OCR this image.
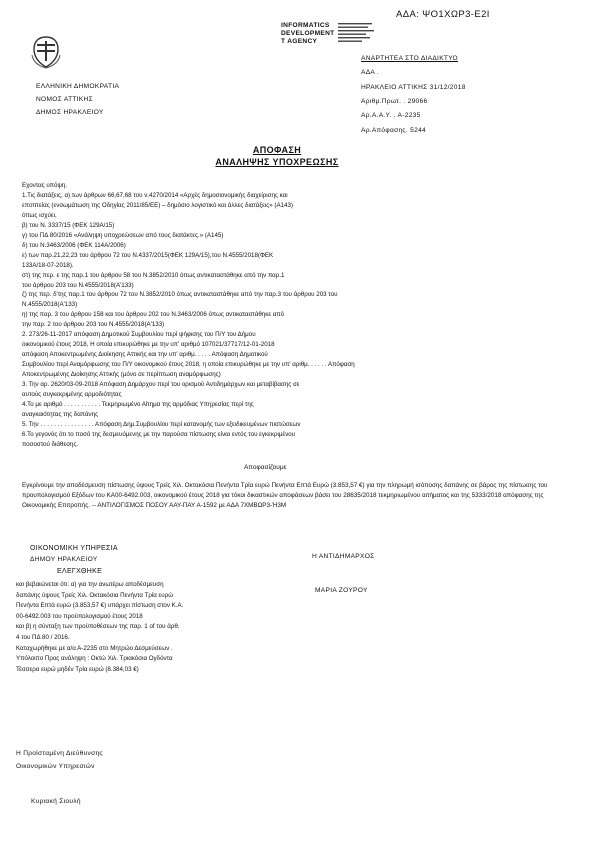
ΑΔΑ: ΨΟ1ΧΩΡ3-Ε2Ι
INFORMATICS
DEVELOPMENT
T AGENCY
ΕΛΛΗΝΙΚΗ ΔΗΜΟΚΡΑΤΙΑ
ΝΟΜΟΣ ΑΤΤΙΚΗΣ
ΔΗΜΟΣ ΗΡΑΚΛΕΙΟΥ
ΑΝΑΡΤΗΤΕΑ ΣΤΟ ΔΙΑΔΙΚΤΥΟ
ΑΔΑ .
ΗΡΑΚΛΕΙΟ ΑΤΤΙΚΗΣ 31/12/2018
Αριθμ.Πρωτ. . 29066
Αρ.Α.Α.Υ. . Α-2235
Αρ.Απόφασης. 5244
ΑΠΟΦΑΣΗ
ΑΝΑΛΗΨΗΣ ΥΠΟΧΡΕΩΣΗΣ
Εχοντας υπόψη.
1.Τις διατάξεις, α) των άρθρων 66,67,68 του ν.4270/2014 «Αρχές δημοσιονομικής διαχείρισης και
εποπτείας (ενσωμάτωση της Οδηγίας 2011/85/ΕΕ) – δημόσιο λογιστικό και άλλες διατάξεις» (Α143)
όπως ισχύει,
β) του Ν. 3337/15 (ΦΕΚ 129Α/15)
γ) του ΠΔ 80/2016 «Ανάληψη υποχρεώσεων από τους διατάκτες.» (Α145)
δ) του Ν.3463/2006 (ΦΕΚ 114Α/2006)
ε) των παρ.21,22,23 του άρθρου 72 του Ν.4337/2015(ΦΕΚ 129Α/15),του Ν.4555/2018(ΦΕΚ
133Α/18-07-2018).
στ) της περ. ε της παρ.1 του άρθρου 58 του Ν.3852/2010 όπως αντικαταστάθηκε από την παρ.1
του άρθρου 203 του Ν.4555/2018(Α'133)
ζ) της περ. δ'της παρ.1 του άρθρου 72 του Ν.3852/2010 όπως αντικαταστάθηκε από την παρ.3 του άρθρου 203 του
Ν.4555/2018(Α'133)
η) της παρ. 3 του άρθρου 158 και του άρθρου 202 του Ν.3463/2006 όπως αντικαταστάθηκε από
την παρ. 2 του άρθρου 203 του Ν.4555/2018(Α'133)
2. 273/26-11-2017 απόφαση Δημοτικού Συμβουλίου περί ψήφισης του Π/Υ του Δήμου
οικονομικού έτους 2018, Η οποία επικυρώθηκε με την υπ' αριθμό 107021/37717/12-01-2018
απόφαση Αποκεντρωμένης Διοίκησης Αττικής και την υπ' αριθμ. . . . . Απόφαση Δημοτικού
Συμβουλίου περί Αναμόρφωσης του Π/Υ οικονομικού έτους 2018, η οποία επικυρώθηκε με την υπ' αριθμ. . . . . . Απόφαση
Αποκεντρωμένης Διοίκησης Αττικής (μόνο σε περίπτωση αναμόρφωσης)
3. Την αρ. 2620/03-09-2018 Απόφαση Δημάρχου περί του ορισμού Αντιδημάρχων και μεταβίβασης σε
αυτούς συγκεκριμένης αρμοδιότητας
4.Το με αριθμό . . . . . . . . . . . Τεκμηριωμένο Αίτημα της αρμόδιας Υπηρεσίας περί της
αναγκαιότητας της δαπάνης
5. Την . . . . . . . . . . . . . . . . Απόφαση Δημ.Συμβουλίου περί κατανομής των εξειδικευμένων πιστώσεων
6.Το γεγονός ότι το ποσό της δεσμευόμενης με την παρούσα πίστωσης είναι εντός του εγκεκριμένου
ποσοστού διάθεσης.
Αποφασίζουμε
Εγκρίνουμε την αποδέσμευση πίστωσης ύψους Τρείς Χιλ. Οκτακόσια Πενήντα Τρία ευρώ Πενήντα Επτά Ευρώ (3.853,57 €) για την πληρωμή ισόποσης δαπάνης σε βάρος της πίστωσης του προυπολογισμού Εξόδων του ΚΑ00-6492.003, οικονομικού έτους 2018 για τόκοι δικαστικών αποφάσεων βάσει του 28635/2018 τεκμηριωμένου αιτήματος και της 5333/2018 απόφασης της Οικονομικής Επιτροπής. -- ΑΝΤΙΛΟΓΙΣΜΟΣ ΠΟΣΟΥ ΑΑΥ-ΠΑΥ Α-1592 με ΑΔΑ 7ΧΜΒΩΡ3-Ή3Μ
ΟΙΚΟΝΟΜΙΚΗ ΥΠΗΡΕΣΙΑ
ΔΗΜΟΥ ΗΡΑΚΛΕΙΟΥ
ΕΛΕΓΧΘΗΚΕ
και βεβαιώνεται ότι: α) για την ανωτέρω αποδέσμευση
δαπάνης ύψους Τρείς Χιλ. Οκτακόσια Πενήντα Τρία ευρώ
Πενήντα Επτά ευρώ (3.853,57 €) υπάρχει πίστωση στον Κ.Α.
00-6492.003 του προϋπολογισμού έτους 2018
και β) η σύνταξη των προϋποθέσεων της παρ. 1 of του άρθ.
4 του ΠΔ 80 / 2016.
Καταχωρήθηκε με α/α Α-2235 στο Μητρώο Δεσμεύσεων .
Υπόλοιπο Προς ανάληψη : Οκτώ Χιλ. Τριακόσια Ογδόντα
Τέσσερα ευρώ μηδέν Τρία ευρώ (8.384,03 €)
Η ΑΝΤΙΔΗΜΑΡΧΟΣ
ΜΑΡΙΑ ΖΟΥΡΟΥ
Η Προϊσταμένη Διεύθυνσης
Οικονομικών Υπηρεσιών
Κυριακή Σιουλή
